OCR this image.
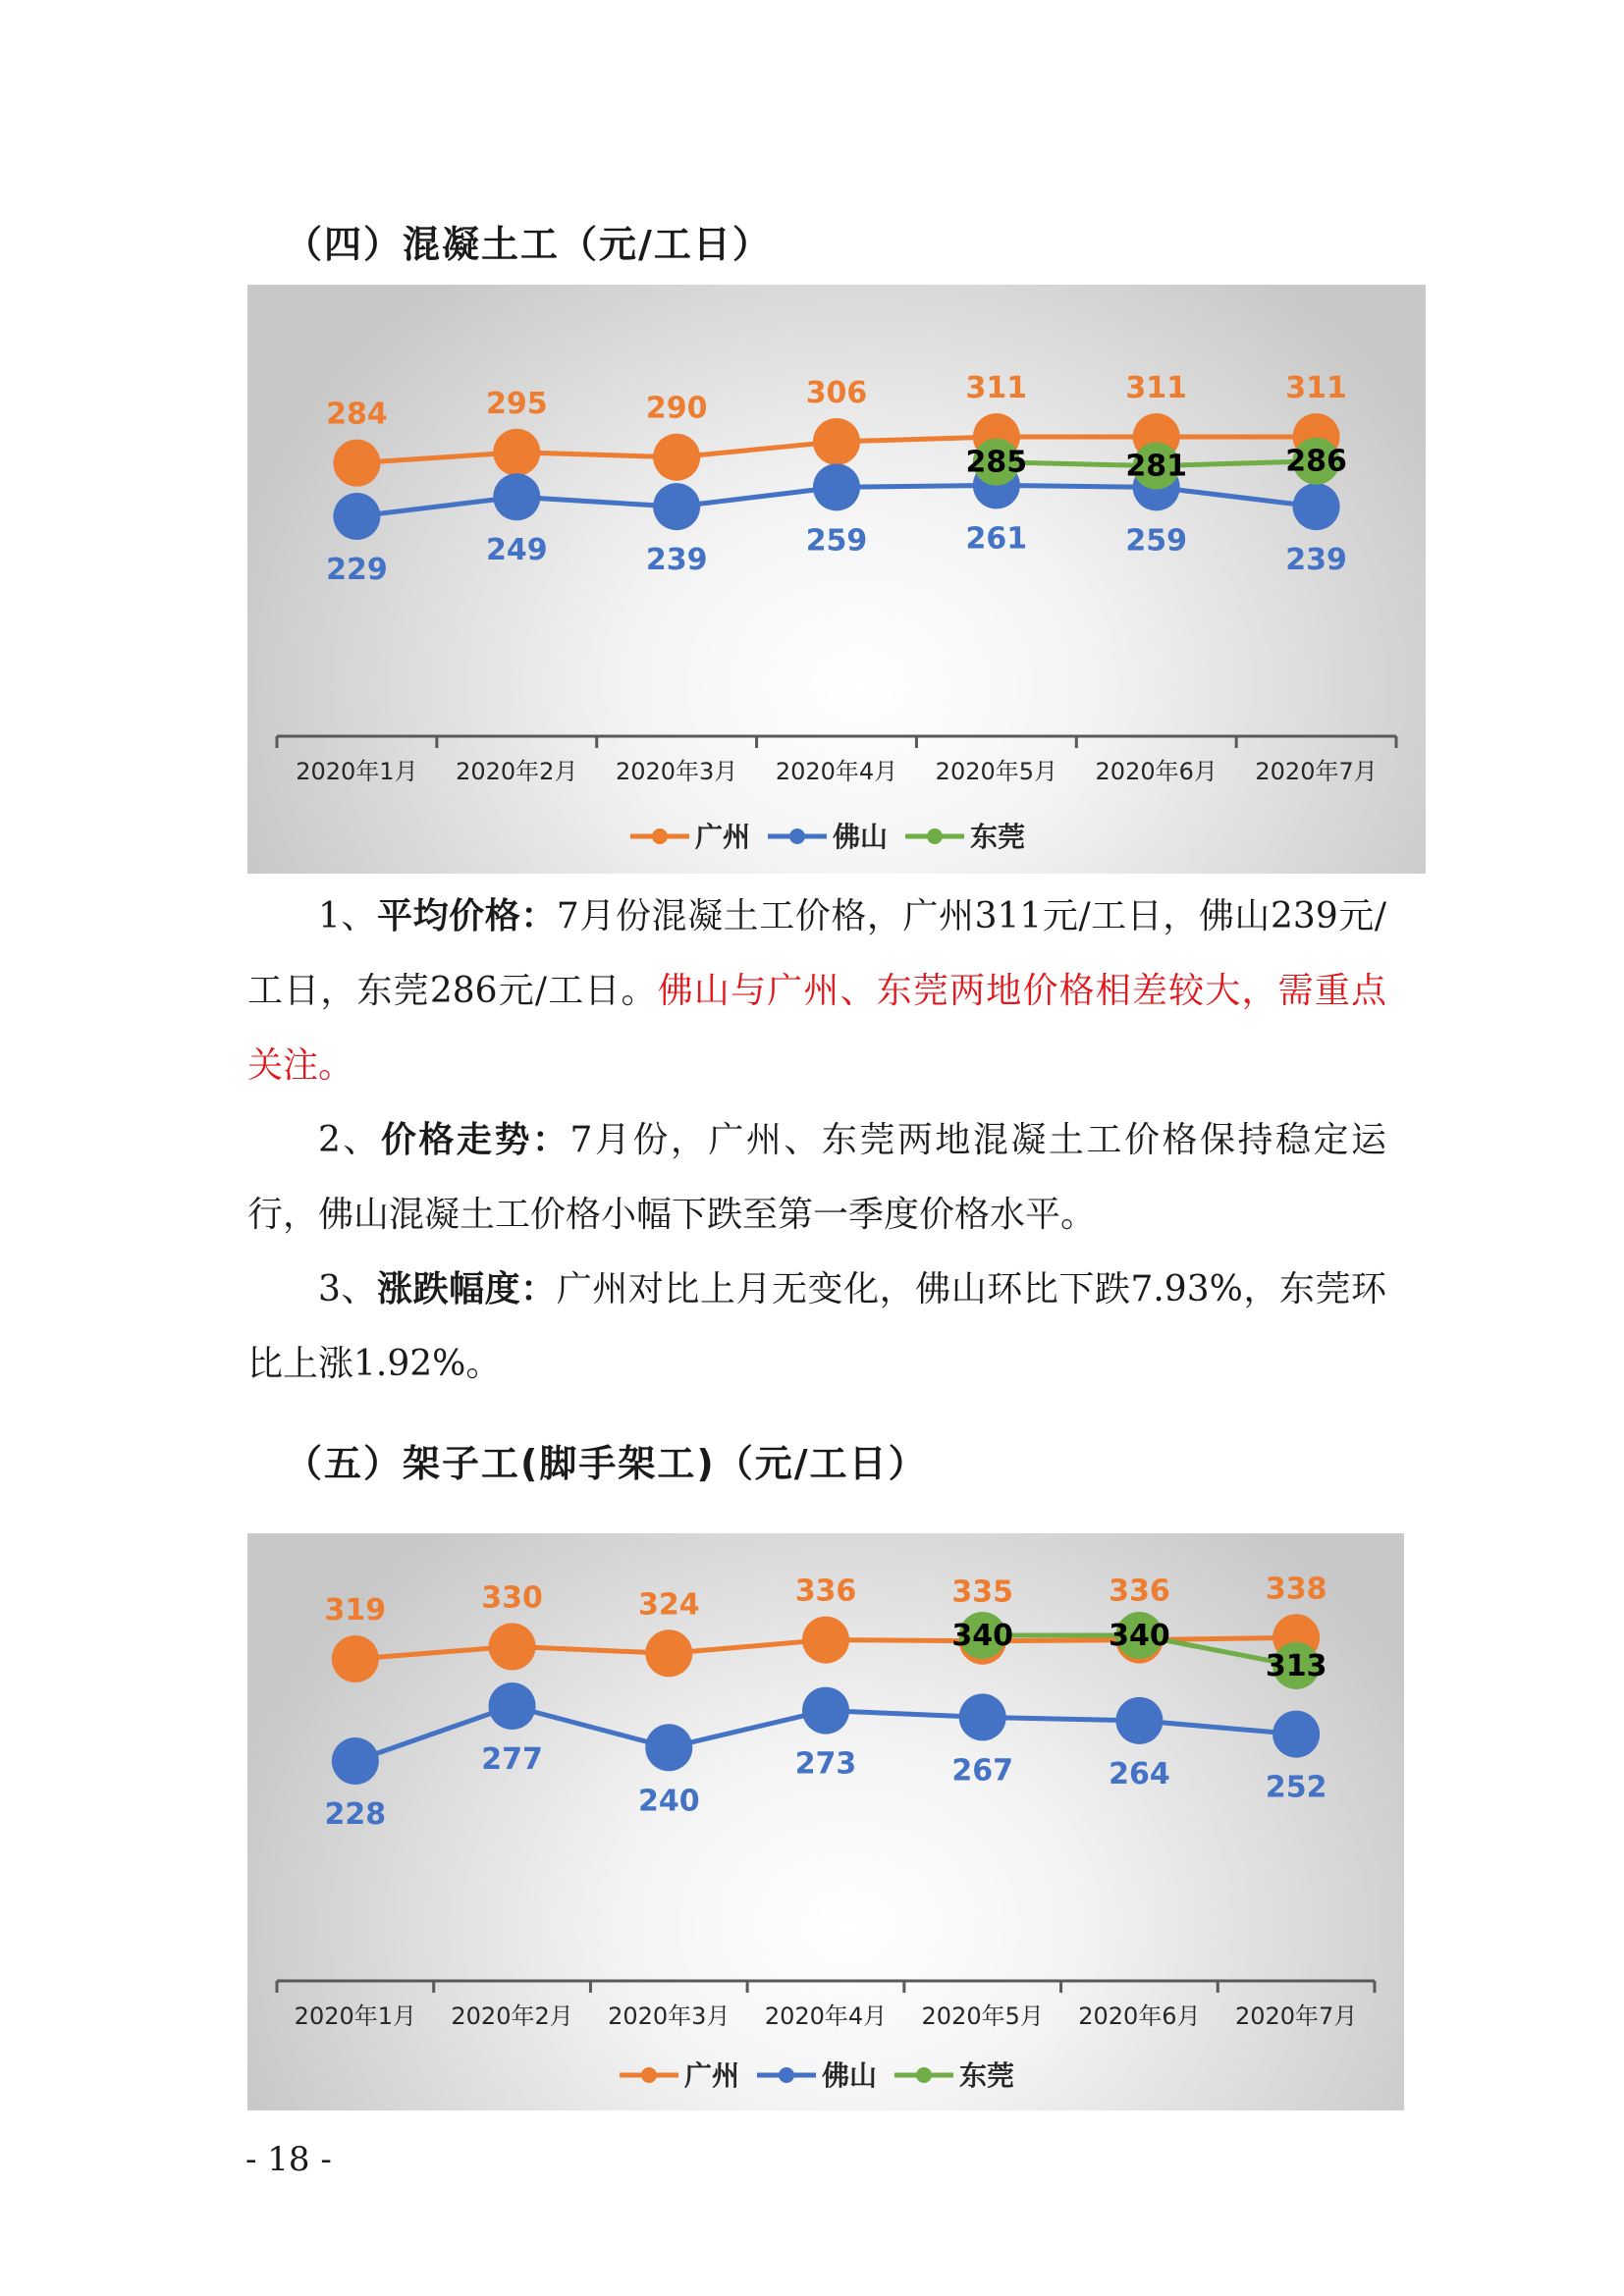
（四）混凝土工（元/工日）
2020年1月 2020年2月 2020年3月 2020年4月 2020年5月 2020年6月 2020年7月
284	295	290	306	311	311	311
229
249	239
259	261	259
239
285	281	286
广州	佛山	东莞

1、平均价格：7月份混凝土工价格，广州311元/工日，佛山239元/工日，东莞286元/工日。佛山与广州、东莞两地价格相差较大，需重点关注。

2、价格走势：7月份，广州、东莞两地混凝土工价格保持稳定运行，佛山混凝土工价格小幅下跌至第一季度价格水平。

3、涨跌幅度：广州对比上月无变化，佛山环比下跌7.93%，东莞环比上涨1.92%。

（五）架子工(脚手架工)（元/工日）
2020年1月 2020年2月 2020年3月 2020年4月 2020年5月 2020年6月 2020年7月
319	330	324	336	335	336	338
228
277
240
273	267	264	252
340	340
313
广州	佛山	东莞

- 18 -
